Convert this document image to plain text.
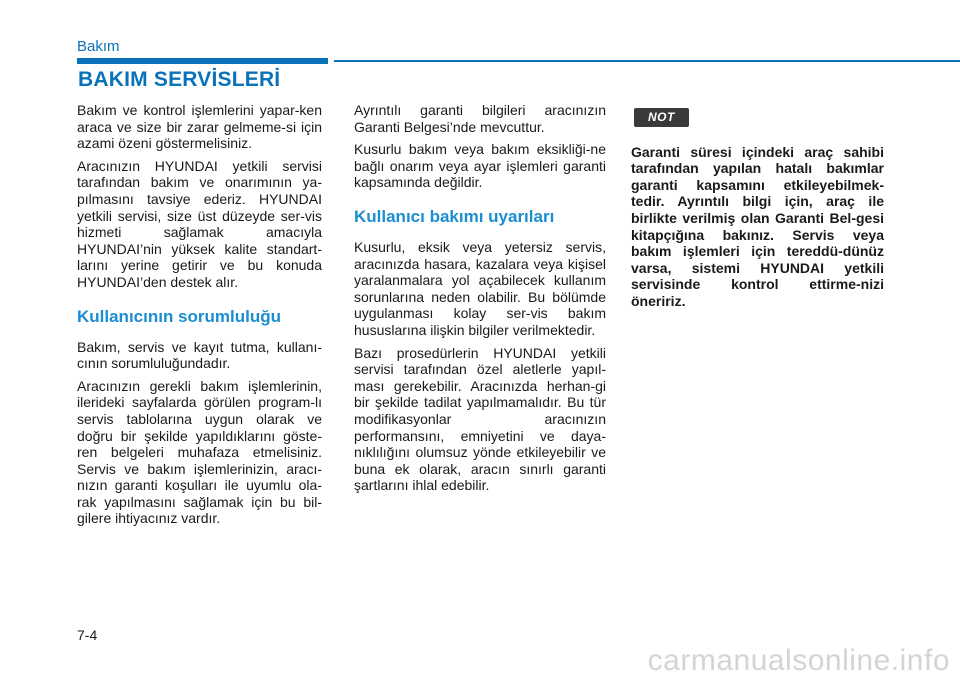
Bakım
BAKIM SERVİSLERİ

Bakım ve kontrol işlemlerini yapar-ken araca ve size bir zarar gelmeme-si için azami özeni göstermelisiniz.

Aracınızın HYUNDAI yetkili servisi tarafından bakım ve onarımının ya-pılmasını tavsiye ederiz. HYUNDAI yetkili servisi, size üst düzeyde ser-vis hizmeti sağlamak amacıyla HYUNDAI’nin yüksek kalite standart-larını yerine getirir ve bu konuda HYUNDAI’den destek alır.

Kullanıcının sorumluluğu

Bakım, servis ve kayıt tutma, kullanı-cının sorumluluğundadır.

Aracınızın gerekli bakım işlemlerinin, ilerideki sayfalarda görülen program-lı servis tablolarına uygun olarak ve doğru bir şekilde yapıldıklarını göste-ren belgeleri muhafaza etmelisiniz. Servis ve bakım işlemlerinizin, aracı-nızın garanti koşulları ile uyumlu ola-rak yapılmasını sağlamak için bu bil-gilere ihtiyacınız vardır.

Ayrıntılı garanti bilgileri aracınızın Garanti Belgesi’nde mevcuttur.

Kusurlu bakım veya bakım eksikliği-ne bağlı onarım veya ayar işlemleri garanti kapsamında değildir.

Kullanıcı bakımı uyarıları

Kusurlu, eksik veya yetersiz servis, aracınızda hasara, kazalara veya kişisel yaralanmalara yol açabilecek kullanım sorunlarına neden olabilir. Bu bölümde uygulanması kolay ser-vis bakım hususlarına ilişkin bilgiler verilmektedir.

Bazı prosedürlerin HYUNDAI yetkili servisi tarafından özel aletlerle yapıl-ması gerekebilir. Aracınızda herhan-gi bir şekilde tadilat yapılmamalıdır. Bu tür modifikasyonlar aracınızın performansını, emniyetini ve daya-nıklılığını olumsuz yönde etkileyebilir ve buna ek olarak, aracın sınırlı garanti şartlarını ihlal edebilir.

NOT
Garanti süresi içindeki araç sahibi tarafından yapılan hatalı bakımlar garanti kapsamını etkileyebilmek-tedir. Ayrıntılı bilgi için, araç ile birlikte verilmiş olan Garanti Bel-gesi kitapçığına bakınız. Servis veya bakım işlemleri için tereddü-dünüz varsa, sistemi HYUNDAI yetkili servisinde kontrol ettirme-nizi öneririz.
7-4
carmanualsonline.info
